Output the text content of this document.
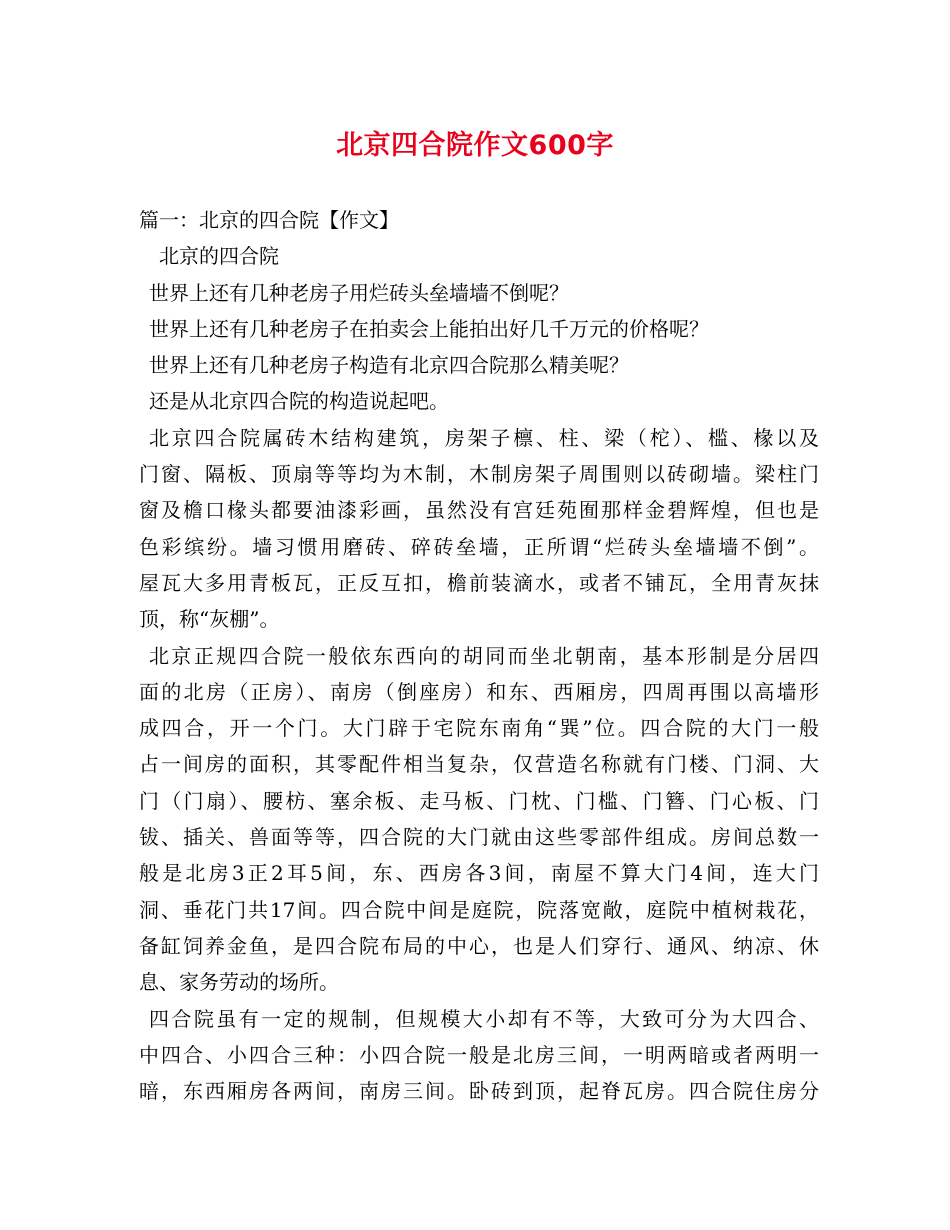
北京四合院作文600字
篇一：北京的四合院【作文】
北京的四合院
世界上还有几种老房子用烂砖头垒墙墙不倒呢？
世界上还有几种老房子在拍卖会上能拍出好几千万元的价格呢？
世界上还有几种老房子构造有北京四合院那么精美呢？
还是从北京四合院的构造说起吧。
北京四合院属砖木结构建筑，房架子檩、柱、梁（柁）、槛、椽以及
门窗、隔板、顶扇等等均为木制，木制房架子周围则以砖砌墙。梁柱门
窗及檐口椽头都要油漆彩画，虽然没有宫廷苑囿那样金碧辉煌，但也是
色彩缤纷。墙习惯用磨砖、碎砖垒墙，正所谓“烂砖头垒墙墙不倒”。
屋瓦大多用青板瓦，正反互扣，檐前装滴水，或者不铺瓦，全用青灰抹
顶，称“灰棚”。
北京正规四合院一般依东西向的胡同而坐北朝南，基本形制是分居四
面的北房（正房）、南房（倒座房）和东、西厢房，四周再围以高墙形
成四合，开一个门。大门辟于宅院东南角“巽”位。四合院的大门一般
占一间房的面积，其零配件相当复杂，仅营造名称就有门楼、门洞、大
门（门扇）、腰枋、塞余板、走马板、门枕、门槛、门簪、门心板、门
钹、插关、兽面等等，四合院的大门就由这些零部件组成。房间总数一
般是北房3正2耳5间，东、西房各3间，南屋不算大门4间，连大门
洞、垂花门共17间。四合院中间是庭院，院落宽敞，庭院中植树栽花，
备缸饲养金鱼，是四合院布局的中心，也是人们穿行、通风、纳凉、休
息、家务劳动的场所。
四合院虽有一定的规制，但规模大小却有不等，大致可分为大四合、
中四合、小四合三种：小四合院一般是北房三间，一明两暗或者两明一
暗，东西厢房各两间，南房三间。卧砖到顶，起脊瓦房。四合院住房分
